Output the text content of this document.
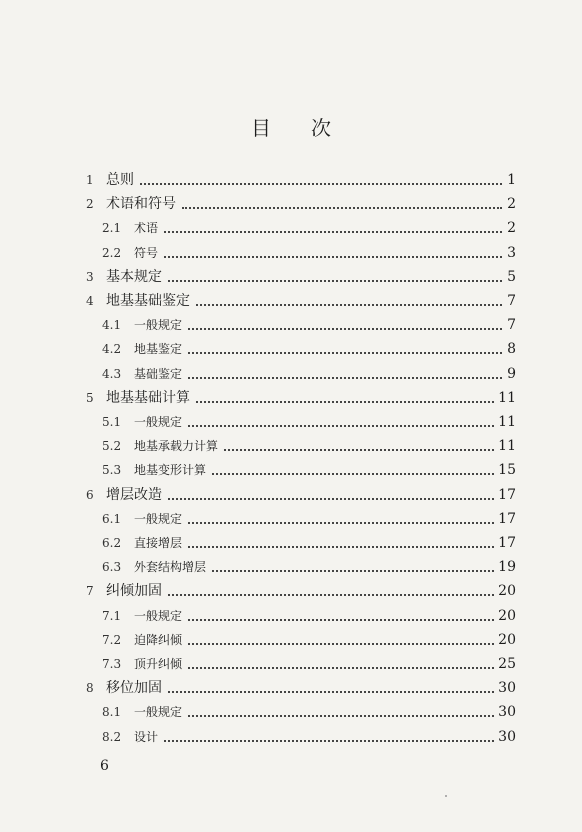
目次
1 总则	1
2 术语和符号	2
2.1 术语	2
2.2 符号	3
3 基本规定	5
4 地基基础鉴定	7
4.1 一般规定	7
4.2 地基鉴定	8
4.3 基础鉴定	9
5 地基基础计算	11
5.1 一般规定	11
5.2 地基承载力计算	11
5.3 地基变形计算	15
6 增层改造	17
6.1 一般规定	17
6.2 直接增层	17
6.3 外套结构增层	19
7 纠倾加固	20
7.1 一般规定	20
7.2 迫降纠倾	20
7.3 顶升纠倾	25
8 移位加固	30
8.1 一般规定	30
8.2 设计	30
6
